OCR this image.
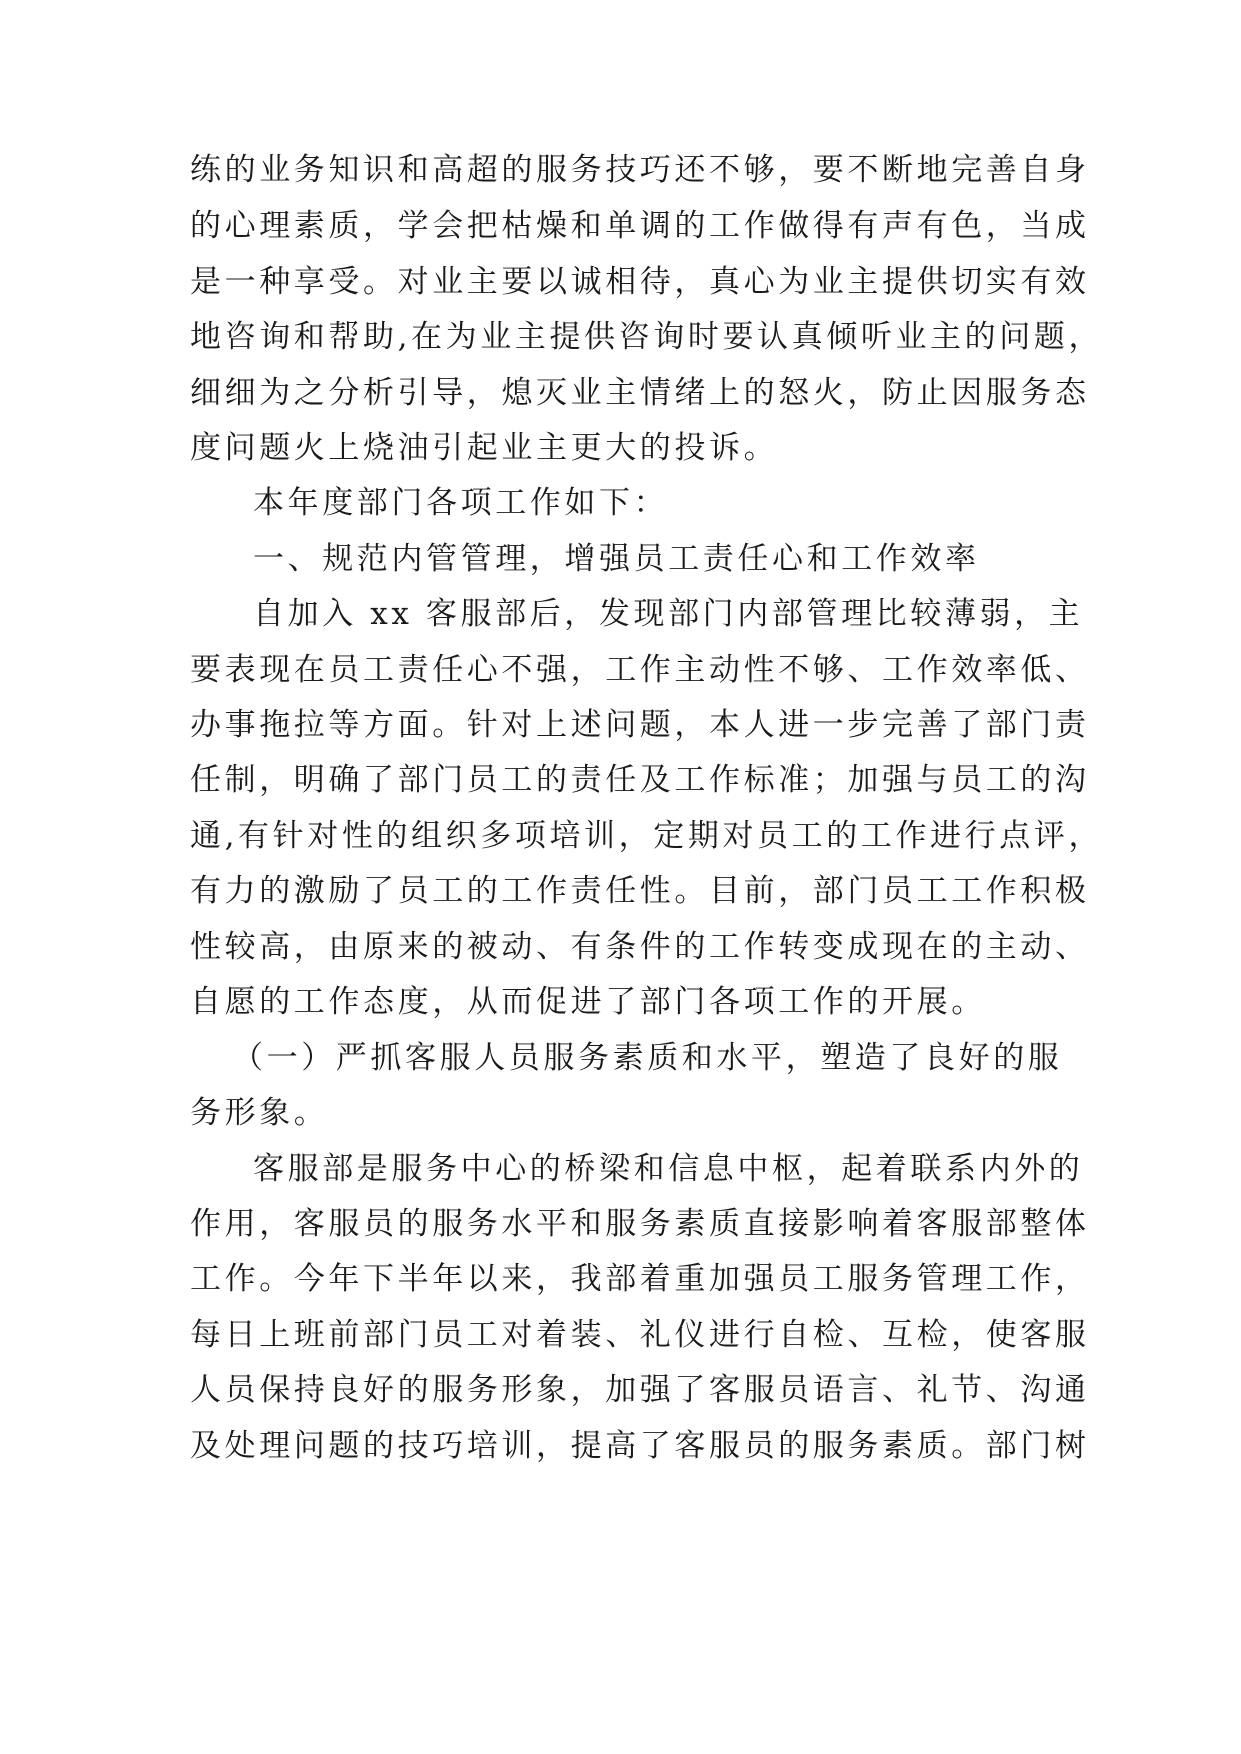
练的业务知识和高超的服务技巧还不够，要不断地完善自身
的心理素质，学会把枯燥和单调的工作做得有声有色，当成
是一种享受。对业主要以诚相待，真心为业主提供切实有效
地咨询和帮助,在为业主提供咨询时要认真倾听业主的问题，
细细为之分析引导，熄灭业主情绪上的怒火，防止因服务态
度问题火上烧油引起业主更大的投诉。
本年度部门各项工作如下：
一、规范内管管理，增强员工责任心和工作效率
自加入 xx 客服部后，发现部门内部管理比较薄弱，主
要表现在员工责任心不强，工作主动性不够、工作效率低、
办事拖拉等方面。针对上述问题，本人进一步完善了部门责
任制，明确了部门员工的责任及工作标准；加强与员工的沟
通,有针对性的组织多项培训，定期对员工的工作进行点评，
有力的激励了员工的工作责任性。目前，部门员工工作积极
性较高，由原来的被动、有条件的工作转变成现在的主动、
自愿的工作态度，从而促进了部门各项工作的开展。
（一）严抓客服人员服务素质和水平，塑造了良好的服
务形象。
客服部是服务中心的桥梁和信息中枢，起着联系内外的
作用，客服员的服务水平和服务素质直接影响着客服部整体
工作。今年下半年以来，我部着重加强员工服务管理工作，
每日上班前部门员工对着装、礼仪进行自检、互检，使客服
人员保持良好的服务形象，加强了客服员语言、礼节、沟通
及处理问题的技巧培训，提高了客服员的服务素质。部门树
